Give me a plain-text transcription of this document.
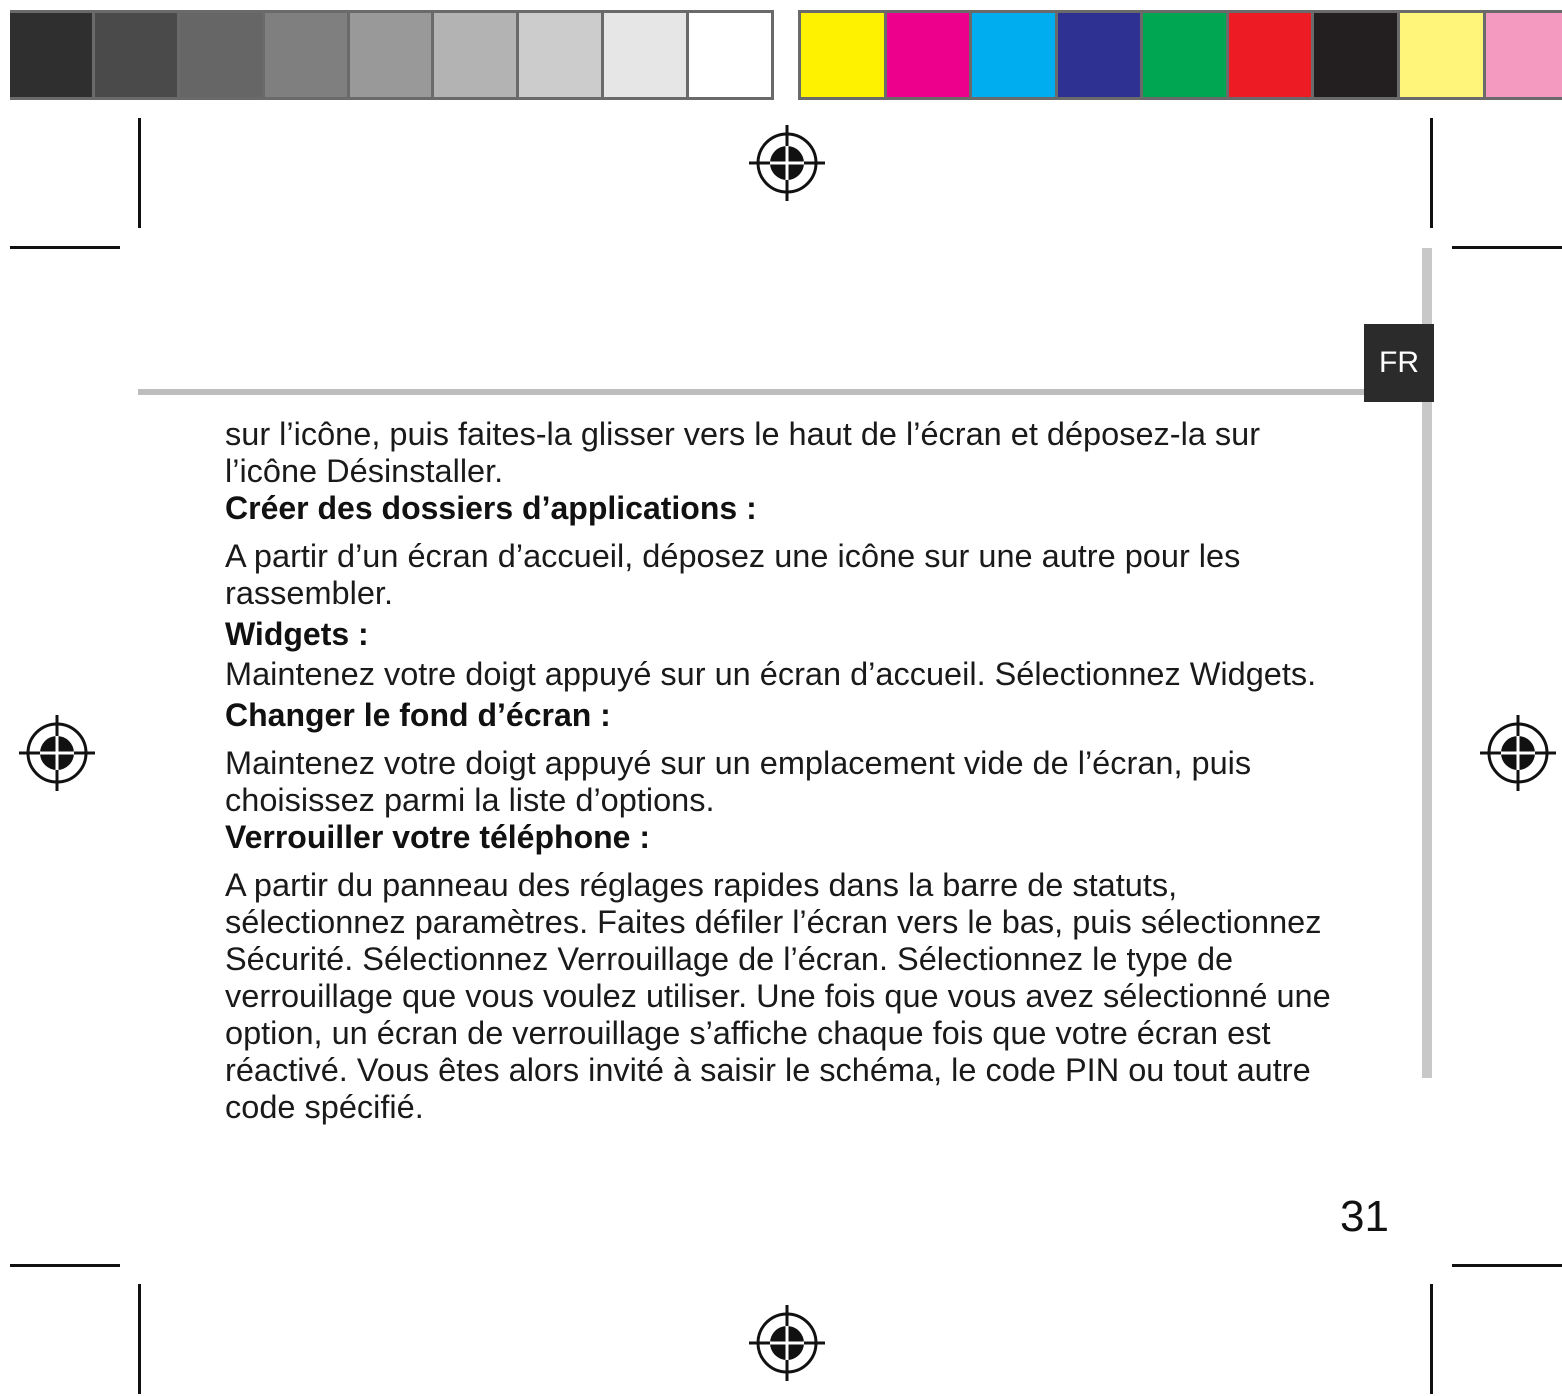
FR

sur l’icône, puis faites-la glisser vers le haut de l’écran et déposez-la sur l’icône Désinstaller.

Créer des dossiers d’applications :

A partir d’un écran d’accueil, déposez une icône sur une autre pour les rassembler.

Widgets :

Maintenez votre doigt appuyé sur un écran d’accueil. Sélectionnez Widgets.

Changer le fond d’écran :

Maintenez votre doigt appuyé sur un emplacement vide de l’écran, puis choisissez parmi la liste d’options.

Verrouiller votre téléphone :

A partir du panneau des réglages rapides dans la barre de statuts, sélectionnez paramètres. Faites défiler l’écran vers le bas, puis sélectionnez Sécurité. Sélectionnez Verrouillage de l’écran. Sélectionnez le type de verrouillage que vous voulez utiliser. Une fois que vous avez sélectionné une option, un écran de verrouillage s’affiche chaque fois que votre écran est réactivé. Vous êtes alors invité à saisir le schéma, le code PIN ou tout autre code spécifié.

31
